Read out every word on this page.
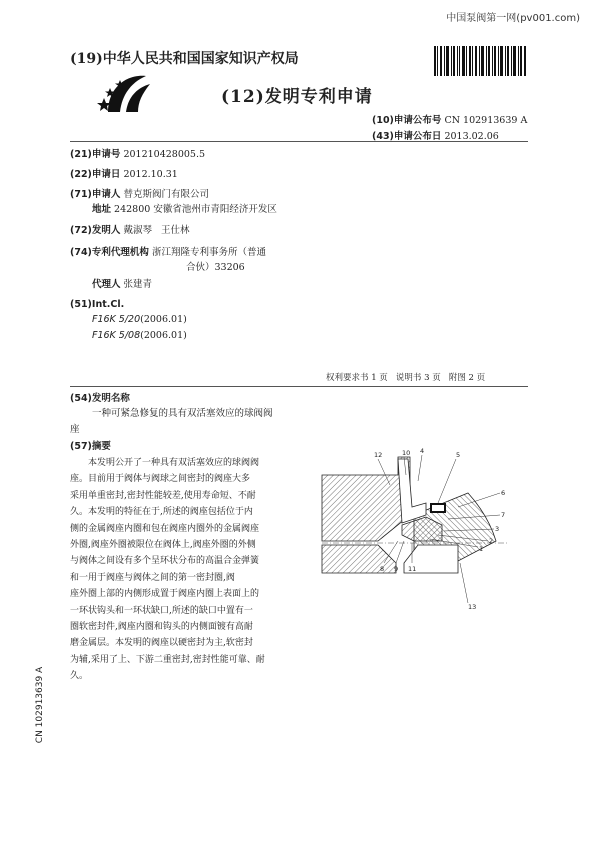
中国泵阀第一网(pv001.com)
(19)中华人民共和国国家知识产权局
(12)发明专利申请
(10)申请公布号 CN 102913639 A
(43)申请公布日 2013.02.06
(21)申请号 201210428005.5
(22)申请日 2012.10.31
(71)申请人 替克斯阀门有限公司
地址 242800 安徽省池州市青阳经济开发区
(72)发明人 戴淑琴   王仕林
(74)专利代理机构 浙江翔隆专利事务所（普通
合伙）33206
代理人 张建青
(51)Int.Cl.
F16K 5/20(2006.01)
F16K 5/08(2006.01)
权利要求书 1 页   说明书 3 页   附图 2 页
(54)发明名称
一种可紧急修复的具有双活塞效应的球阀阀
座
(57)摘要
本发明公开了一种具有双活塞效应的球阀阀
座。目前用于阀体与阀球之间密封的阀座大多
采用单重密封,密封性能较差,使用寿命短、不耐
久。本发明的特征在于,所述的阀座包括位于内
侧的金属阀座内圈和包在阀座内圈外的金属阀座
外圈,阀座外圈被限位在阀体上,阀座外圈的外侧
与阀体之间设有多个呈环状分布的高温合金弹簧
和一用于阀座与阀体之间的第一密封圈,阀
座外圈上部的内侧形成置于阀座内圈上表面上的
一环状钩头和一环状缺口,所述的缺口中置有一
圈软密封件,阀座内圈和钩头的内侧面镀有高耐
磨金属层。本发明的阀座以硬密封为主,软密封
为辅,采用了上、下游二重密封,密封性能可靠、耐
久。
12	10 4	5
6
7
3
2
1
8 9 11
13
CN 102913639 A
